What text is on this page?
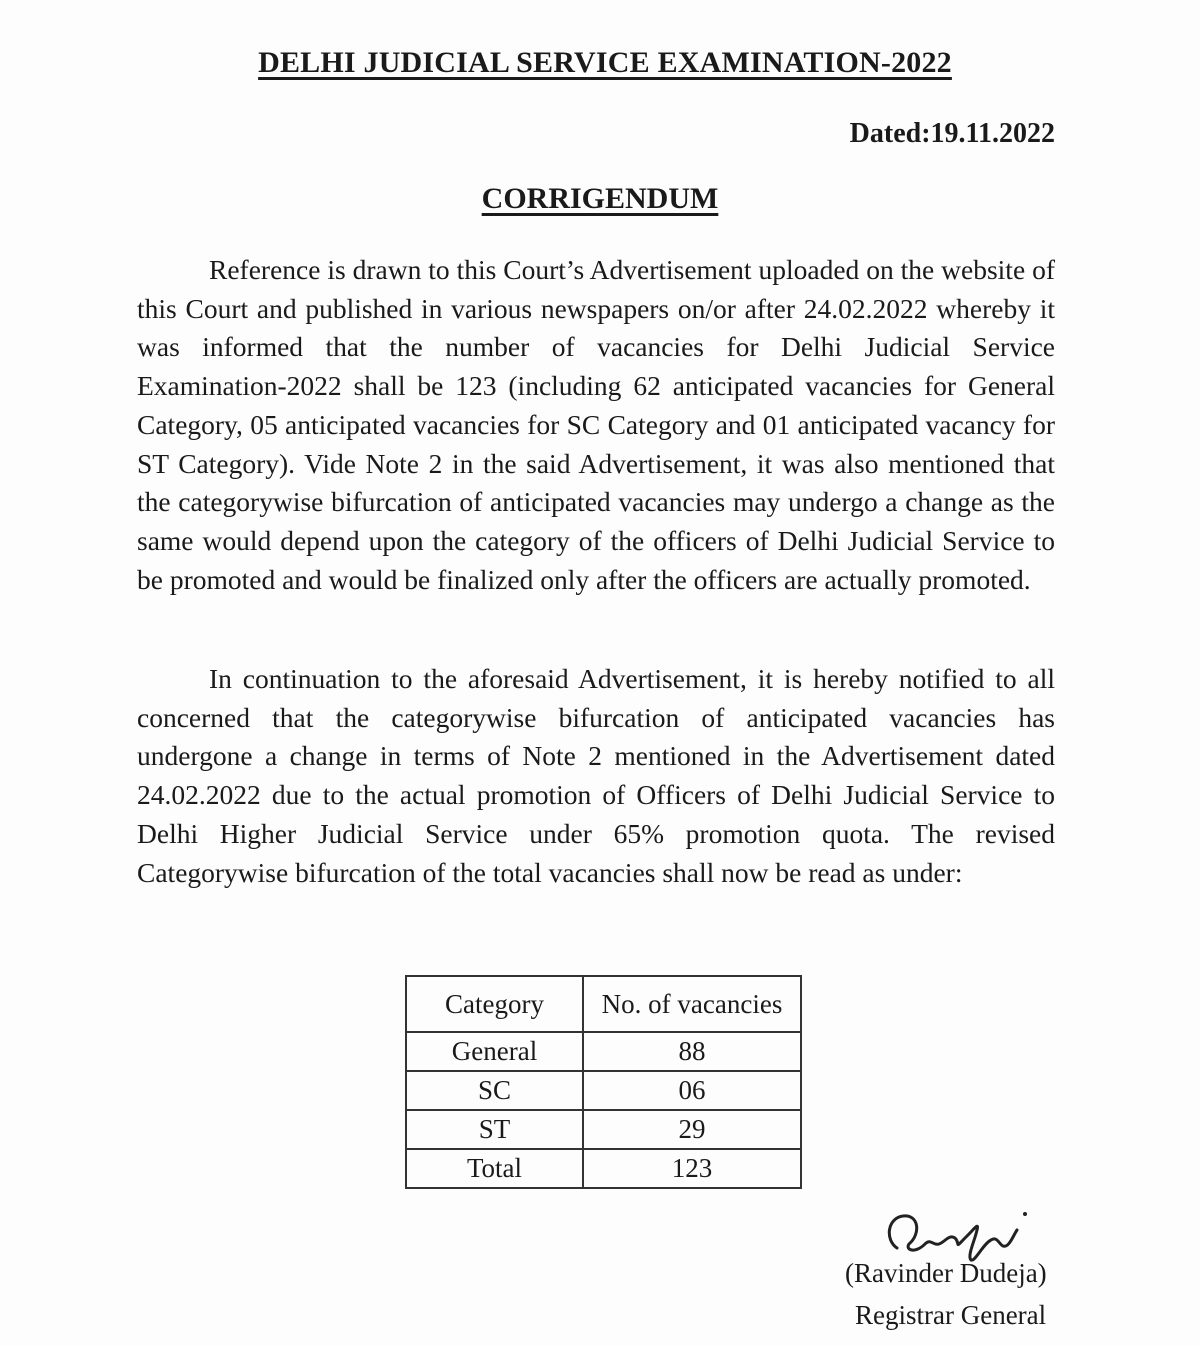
DELHI JUDICIAL SERVICE EXAMINATION-2022
Dated:19.11.2022
CORRIGENDUM

Reference is drawn to this Court’s Advertisement uploaded on the website of this Court and published in various newspapers on/or after 24.02.2022 whereby it was informed that the number of vacancies for Delhi Judicial Service Examination-2022 shall be 123 (including 62 anticipated vacancies for General Category, 05 anticipated vacancies for SC Category and 01 anticipated vacancy for ST Category). Vide Note 2 in the said Advertisement, it was also mentioned that the categorywise bifurcation of anticipated vacancies may undergo a change as the same would depend upon the category of the officers of Delhi Judicial Service to be promoted and would be finalized only after the officers are actually promoted.

In continuation to the aforesaid Advertisement, it is hereby notified to all concerned that the categorywise bifurcation of anticipated vacancies has undergone a change in terms of Note 2 mentioned in the Advertisement dated 24.02.2022 due to the actual promotion of Officers of Delhi Judicial Service to Delhi Higher Judicial Service under 65% promotion quota. The revised Categorywise bifurcation of the total vacancies shall now be read as under:

Category	No. of vacancies
General	88
SC	06
ST	29
Total	123
(Ravinder Dudeja)
Registrar General
